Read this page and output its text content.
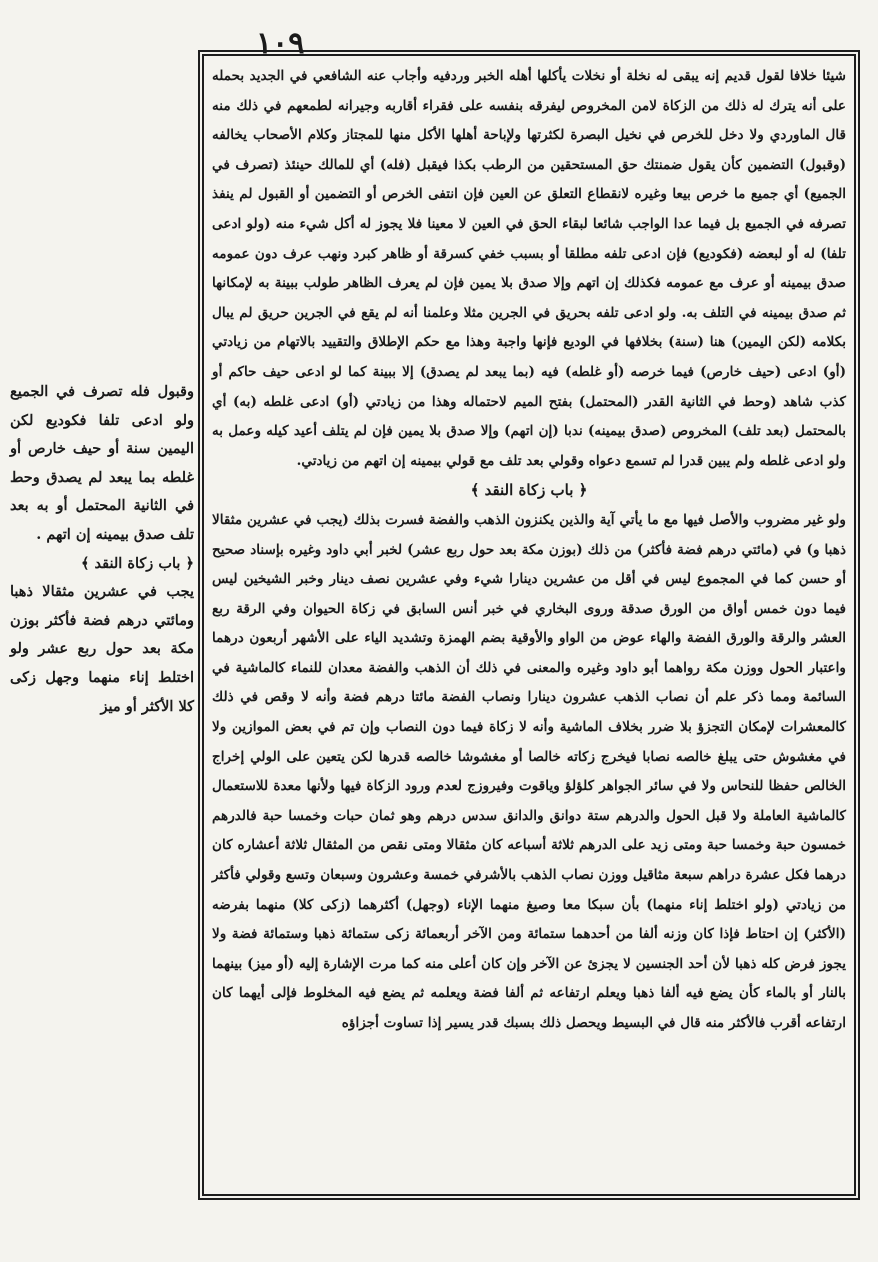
١٠٩

وقبول فله تصرف في الجميع ولو ادعى تلفا فكوديع لكن اليمين سنة أو حيف خارص أو غلطه بما يبعد لم يصدق وحط في الثانية المحتمل أو به بعد تلف صدق بيمينه إن اتهم .

﴿ باب زكاة النقد ﴾

يجب في عشرين مثقالا ذهبا ومائتي درهم فضة فأكثر بوزن مكة بعد حول ربع عشر ولو اختلط إناء منهما وجهل زكى كلا الأكثر أو ميز

شيئا خلافا لقول قديم إنه يبقى له نخلة أو نخلات يأكلها أهله الخبر وردفيه وأجاب عنه الشافعي في الجديد بحمله على أنه يترك له ذلك من الزكاة لامن المخروص ليفرقه بنفسه على فقراء أقاربه وجيرانه لطمعهم في ذلك منه قال الماوردي ولا دخل للخرص في نخيل البصرة لكثرتها ولإباحة أهلها الأكل منها للمجتاز وكلام الأصحاب يخالفه (وقبول) التضمين كأن يقول ضمنتك حق المستحقين من الرطب بكذا فيقبل (فله) أي للمالك حينئذ (تصرف في الجميع) أي جميع ما خرص بيعا وغيره لانقطاع التعلق عن العين فإن انتفى الخرص أو التضمين أو القبول لم ينفذ تصرفه في الجميع بل فيما عدا الواجب شائعا لبقاء الحق في العين لا معينا فلا يجوز له أكل شيء منه (ولو ادعى تلفا) له أو لبعضه (فكوديع) فإن ادعى تلفه مطلقا أو بسبب خفي كسرقة أو ظاهر كبرد ونهب عرف دون عمومه صدق بيمينه أو عرف مع عمومه فكذلك إن اتهم وإلا صدق بلا يمين فإن لم يعرف الظاهر طولب ببينة به لإمكانها ثم صدق بيمينه في التلف به. ولو ادعى تلفه بحريق في الجرين مثلا وعلمنا أنه لم يقع في الجرين حريق لم يبال بكلامه (لكن اليمين) هنا (سنة) بخلافها في الوديع فإنها واجبة وهذا مع حكم الإطلاق والتقييد بالاتهام من زيادتي (أو) ادعى (حيف خارص) فيما خرصه (أو غلطه) فيه (بما يبعد لم يصدق) إلا ببينة كما لو ادعى حيف حاكم أو كذب شاهد (وحط في الثانية القدر (المحتمل) بفتح الميم لاحتماله وهذا من زيادتي (أو) ادعى غلطه (به) أي بالمحتمل (بعد تلف) المخروص (صدق بيمينه) ندبا (إن اتهم) وإلا صدق بلا يمين فإن لم يتلف أعيد كيله وعمل به ولو ادعى غلطه ولم يبين قدرا لم تسمع دعواه وقولي بعد تلف مع قولي بيمينه إن اتهم من زيادتي.

﴿ باب زكاة النقد ﴾

ولو غير مضروب والأصل فيها مع ما يأتي آية والذين يكنزون الذهب والفضة فسرت بذلك (يجب في عشرين مثقالا ذهبا و) في (مائتي درهم فضة فأكثر) من ذلك (بوزن مكة بعد حول ربع عشر) لخبر أبي داود وغيره بإسناد صحيح أو حسن كما في المجموع ليس في أقل من عشرين دينارا شيء وفي عشرين نصف دينار وخبر الشيخين ليس فيما دون خمس أواق من الورق صدقة وروى البخاري في خبر أنس السابق في زكاة الحيوان وفي الرقة ربع العشر والرقة والورق الفضة والهاء عوض من الواو والأوقية بضم الهمزة وتشديد الياء على الأشهر أربعون درهما واعتبار الحول ووزن مكة رواهما أبو داود وغيره والمعنى في ذلك أن الذهب والفضة معدان للنماء كالماشية في السائمة ومما ذكر علم أن نصاب الذهب عشرون دينارا ونصاب الفضة مائتا درهم فضة وأنه لا وقص في ذلك كالمعشرات لإمكان التجزؤ بلا ضرر بخلاف الماشية وأنه لا زكاة فيما دون النصاب وإن تم في بعض الموازين ولا في مغشوش حتى يبلغ خالصه نصابا فيخرج زكاته خالصا أو مغشوشا خالصه قدرها لكن يتعين على الولي إخراج الخالص حفظا للنحاس ولا في سائر الجواهر كلؤلؤ وياقوت وفيروزج لعدم ورود الزكاة فيها ولأنها معدة للاستعمال كالماشية العاملة ولا قبل الحول والدرهم ستة دوانق والدانق سدس درهم وهو ثمان حبات وخمسا حبة فالدرهم خمسون حبة وخمسا حبة ومتى زيد على الدرهم ثلاثة أسباعه كان مثقالا ومتى نقص من المثقال ثلاثة أعشاره كان درهما فكل عشرة دراهم سبعة مثاقيل ووزن نصاب الذهب بالأشرفي خمسة وعشرون وسبعان وتسع وقولي فأكثر من زيادتي (ولو اختلط إناء منهما) بأن سبكا معا وصيغ منهما الإناء (وجهل) أكثرهما (زكى كلا) منهما بفرضه (الأكثر) إن احتاط فإذا كان وزنه ألفا من أحدهما ستمائة ومن الآخر أربعمائة زكى ستمائة ذهبا وستمائة فضة ولا يجوز فرض كله ذهبا لأن أحد الجنسين لا يجزئ عن الآخر وإن كان أعلى منه كما مرت الإشارة إليه (أو ميز) بينهما بالنار أو بالماء كأن يضع فيه ألفا ذهبا ويعلم ارتفاعه ثم ألفا فضة ويعلمه ثم يضع فيه المخلوط فإلى أيهما كان ارتفاعه أقرب فالأكثر منه قال في البسيط ويحصل ذلك بسبك قدر يسير إذا تساوت أجزاؤه
